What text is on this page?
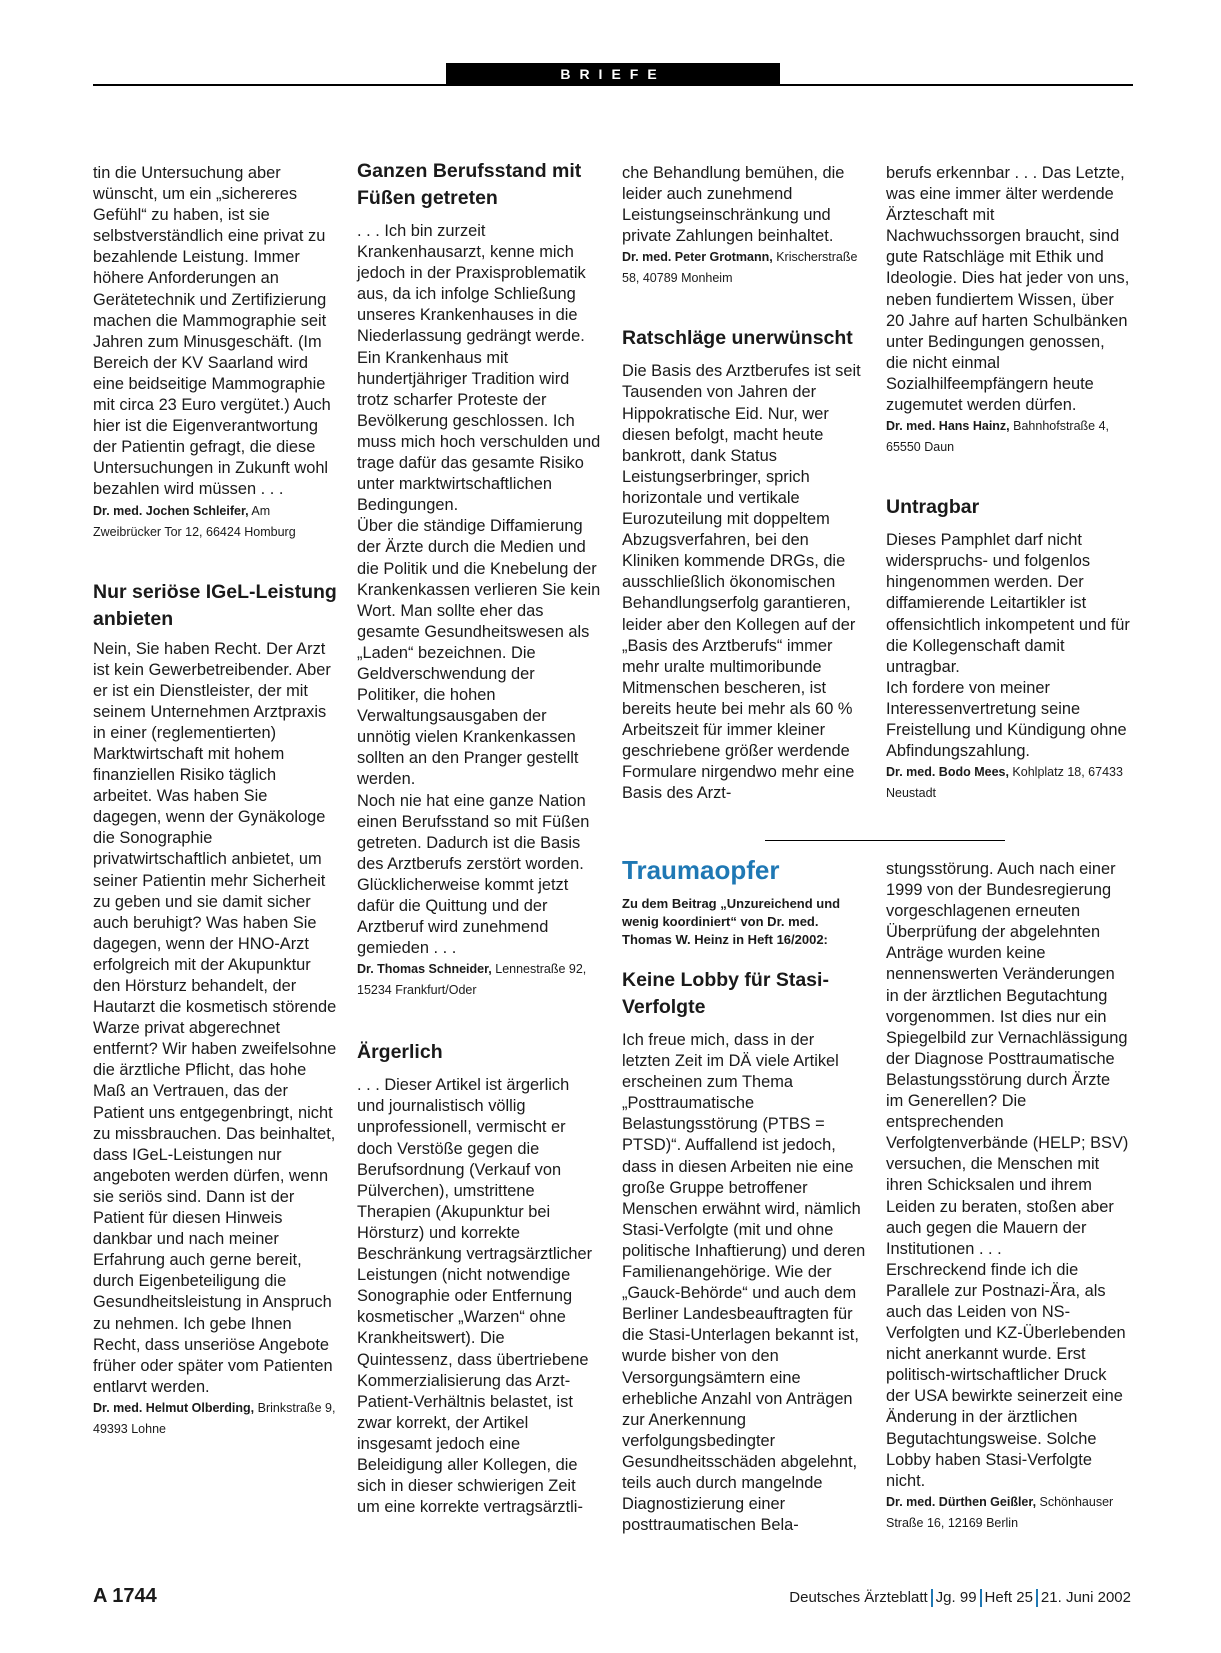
BRIEFE

tin die Untersuchung aber wünscht, um ein „sichereres Gefühl“ zu haben, ist sie selbstverständlich eine privat zu bezahlende Leistung. Immer höhere Anforderungen an Gerätetechnik und Zertifizierung machen die Mammographie seit Jahren zum Minusgeschäft. (Im Bereich der KV Saarland wird eine beidseitige Mammographie mit circa 23 Euro vergütet.) Auch hier ist die Eigenverantwortung der Patientin gefragt, die diese Untersuchungen in Zukunft wohl bezahlen wird müssen . . .

Dr. med. Jochen Schleifer, Am Zweibrücker Tor 12, 66424 Homburg

Nur seriöse IGeL-Leistung anbieten

Nein, Sie haben Recht. Der Arzt ist kein Gewerbetreibender. Aber er ist ein Dienstleister, der mit seinem Unternehmen Arztpraxis in einer (reglementierten) Marktwirtschaft mit hohem finanziellen Risiko täglich arbeitet. Was haben Sie dagegen, wenn der Gynäkologe die Sonographie privatwirtschaftlich anbietet, um seiner Patientin mehr Sicherheit zu geben und sie damit sicher auch beruhigt? Was haben Sie dagegen, wenn der HNO-Arzt erfolgreich mit der Akupunktur den Hörsturz behandelt, der Hautarzt die kosmetisch störende Warze privat abgerechnet entfernt? Wir haben zweifelsohne die ärztliche Pflicht, das hohe Maß an Vertrauen, das der Patient uns entgegenbringt, nicht zu missbrauchen. Das beinhaltet, dass IGeL-Leistungen nur angeboten werden dürfen, wenn sie seriös sind. Dann ist der Patient für diesen Hinweis dankbar und nach meiner Erfahrung auch gerne bereit, durch Eigenbeteiligung die Gesundheitsleistung in Anspruch zu nehmen. Ich gebe Ihnen Recht, dass unseriöse Angebote früher oder später vom Patienten entlarvt werden.

Dr. med. Helmut Olberding, Brinkstraße 9, 49393 Lohne

Ganzen Berufsstand mit Füßen getreten

. . . Ich bin zurzeit Krankenhausarzt, kenne mich jedoch in der Praxisproblematik aus, da ich infolge Schließung unseres Krankenhauses in die Niederlassung gedrängt werde. Ein Krankenhaus mit hundertjähriger Tradition wird trotz scharfer Proteste der Bevölkerung geschlossen. Ich muss mich hoch verschulden und trage dafür das gesamte Risiko unter marktwirtschaftlichen Bedingungen.

Über die ständige Diffamierung der Ärzte durch die Medien und die Politik und die Knebelung der Krankenkassen verlieren Sie kein Wort. Man sollte eher das gesamte Gesundheitswesen als „Laden“ bezeichnen. Die Geldverschwendung der Politiker, die hohen Verwaltungsausgaben der unnötig vielen Krankenkassen sollten an den Pranger gestellt werden.

Noch nie hat eine ganze Nation einen Berufsstand so mit Füßen getreten. Dadurch ist die Basis des Arztberufs zerstört worden. Glücklicherweise kommt jetzt dafür die Quittung und der Arztberuf wird zunehmend gemieden . . .

Dr. Thomas Schneider, Lennestraße 92, 15234 Frankfurt/Oder

Ärgerlich

. . . Dieser Artikel ist ärgerlich und journalistisch völlig unprofessionell, vermischt er doch Verstöße gegen die Berufsordnung (Verkauf von Pülverchen), umstrittene Therapien (Akupunktur bei Hörsturz) und korrekte Beschränkung vertragsärztlicher Leistungen (nicht notwendige Sonographie oder Entfernung kosmetischer „Warzen“ ohne Krankheitswert). Die Quintessenz, dass übertriebene Kommerzialisierung das Arzt-Patient-Verhältnis belastet, ist zwar korrekt, der Artikel insgesamt jedoch eine Beleidigung aller Kollegen, die sich in dieser schwierigen Zeit um eine korrekte vertragsärztli-

che Behandlung bemühen, die leider auch zunehmend Leistungseinschränkung und private Zahlungen beinhaltet.

Dr. med. Peter Grotmann, Krischerstraße 58, 40789 Monheim

Ratschläge unerwünscht

Die Basis des Arztberufes ist seit Tausenden von Jahren der Hippokratische Eid. Nur, wer diesen befolgt, macht heute bankrott, dank Status Leistungserbringer, sprich horizontale und vertikale Eurozuteilung mit doppeltem Abzugsverfahren, bei den Kliniken kommende DRGs, die ausschließlich ökonomischen Behandlungserfolg garantieren, leider aber den Kollegen auf der „Basis des Arztberufs“ immer mehr uralte multimoribunde Mitmenschen bescheren, ist bereits heute bei mehr als 60 % Arbeitszeit für immer kleiner geschriebene größer werdende Formulare nirgendwo mehr eine Basis des Arzt-

berufs erkennbar . . . Das Letzte, was eine immer älter werdende Ärzteschaft mit Nachwuchssorgen braucht, sind gute Ratschläge mit Ethik und Ideologie. Dies hat jeder von uns, neben fundiertem Wissen, über 20 Jahre auf harten Schulbänken unter Bedingungen genossen, die nicht einmal Sozialhilfeempfängern heute zugemutet werden dürfen.

Dr. med. Hans Hainz, Bahnhofstraße 4, 65550 Daun

Untragbar

Dieses Pamphlet darf nicht widerspruchs- und folgenlos hingenommen werden. Der diffamierende Leitartikler ist offensichtlich inkompetent und für die Kollegenschaft damit untragbar.

Ich fordere von meiner Interessenvertretung seine Freistellung und Kündigung ohne Abfindungszahlung.

Dr. med. Bodo Mees, Kohlplatz 18, 67433 Neustadt

Traumaopfer

Zu dem Beitrag „Unzureichend und wenig koordiniert“ von Dr. med. Thomas W. Heinz in Heft 16/2002:

Keine Lobby für Stasi-Verfolgte

Ich freue mich, dass in der letzten Zeit im DÄ viele Artikel erscheinen zum Thema „Posttraumatische Belastungsstörung (PTBS = PTSD)“. Auffallend ist jedoch, dass in diesen Arbeiten nie eine große Gruppe betroffener Menschen erwähnt wird, nämlich Stasi-Verfolgte (mit und ohne politische Inhaftierung) und deren Familienangehörige. Wie der „Gauck-Behörde“ und auch dem Berliner Landesbeauftragten für die Stasi-Unterlagen bekannt ist, wurde bisher von den Versorgungsämtern eine erhebliche Anzahl von Anträgen zur Anerkennung verfolgungsbedingter Gesundheitsschäden abgelehnt, teils auch durch mangelnde Diagnostizierung einer posttraumatischen Bela-

stungsstörung. Auch nach einer 1999 von der Bundesregierung vorgeschlagenen erneuten Überprüfung der abgelehnten Anträge wurden keine nennenswerten Veränderungen in der ärztlichen Begutachtung vorgenommen. Ist dies nur ein Spiegelbild zur Vernachlässigung der Diagnose Posttraumatische Belastungsstörung durch Ärzte im Generellen? Die entsprechenden Verfolgtenverbände (HELP; BSV) versuchen, die Menschen mit ihren Schicksalen und ihrem Leiden zu beraten, stoßen aber auch gegen die Mauern der Institutionen . . .

Erschreckend finde ich die Parallele zur Postnazi-Ära, als auch das Leiden von NS-Verfolgten und KZ-Überlebenden nicht anerkannt wurde. Erst politisch-wirtschaftlicher Druck der USA bewirkte seinerzeit eine Änderung in der ärztlichen Begutachtungsweise. Solche Lobby haben Stasi-Verfolgte nicht.

Dr. med. Dürthen Geißler, Schönhauser Straße 16, 12169 Berlin

A 1744	Deutsches Ärzteblatt Jg. 99 Heft 25 21. Juni 2002
